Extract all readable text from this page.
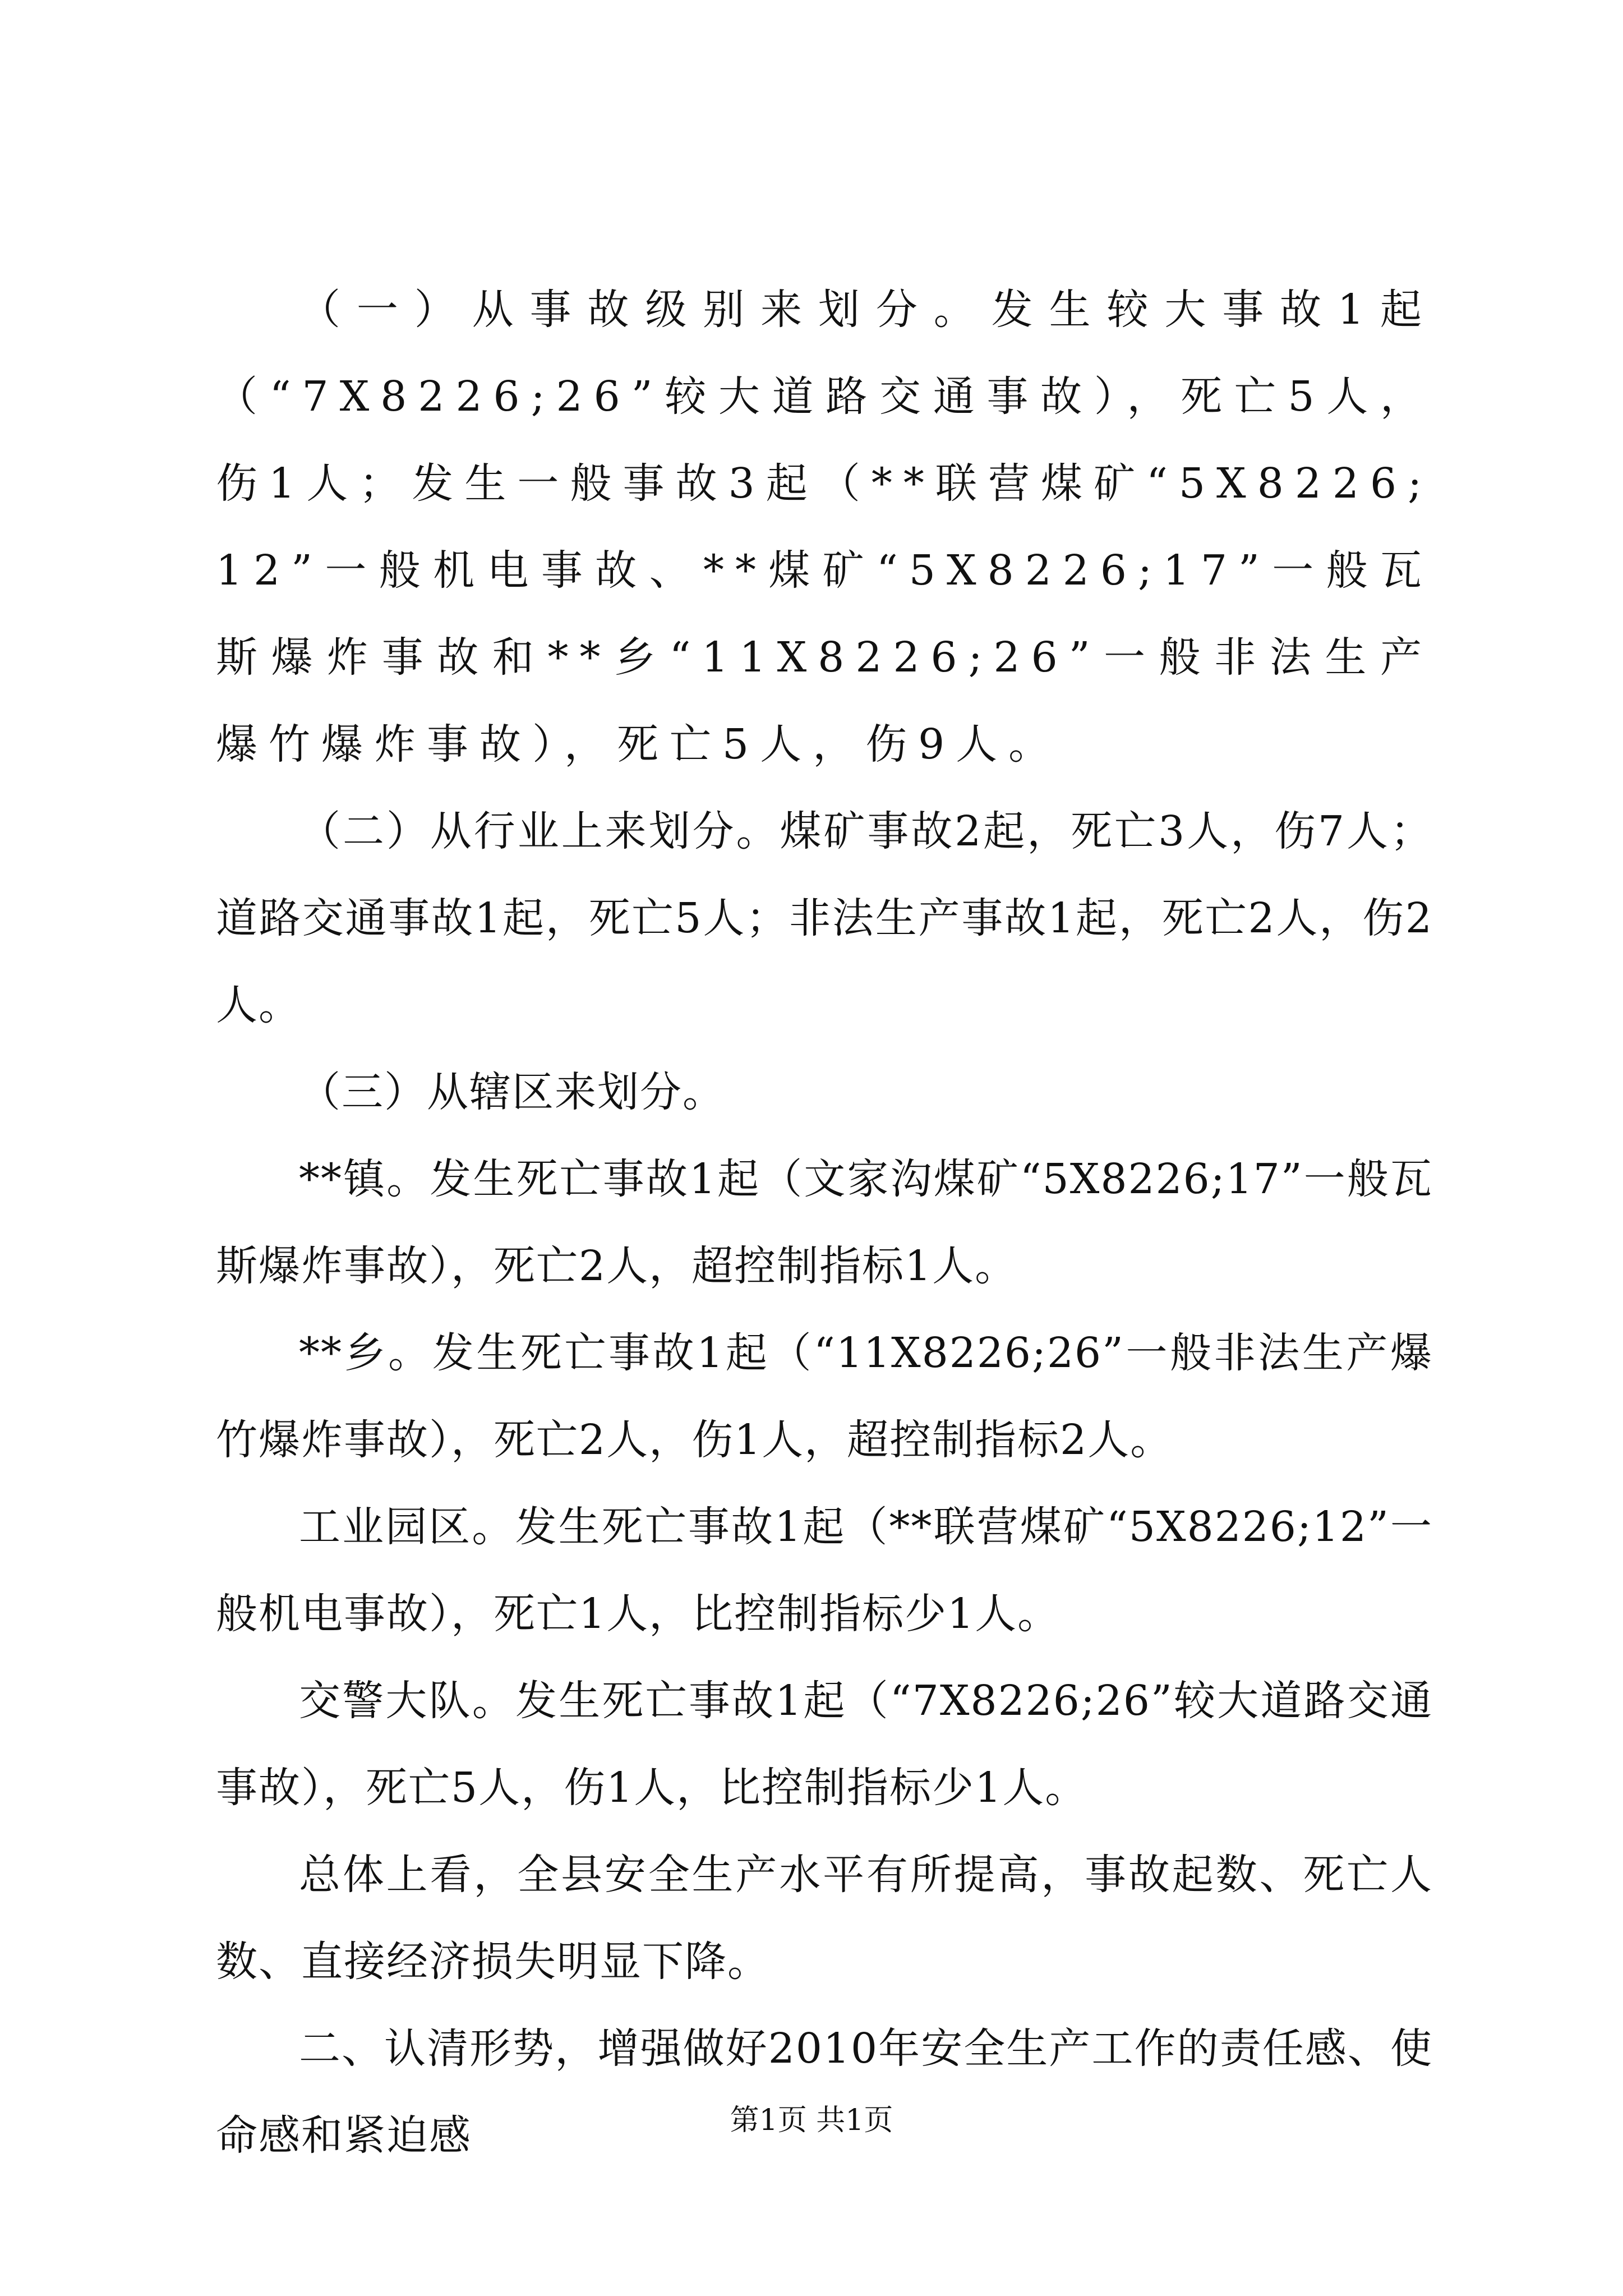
（一）从事故级别来划分。发生较大事故1起（“7X8226;26”较大道路交通事故），死亡5人，伤1人；发生一般事故3起（**联营煤矿“5X8226;12”一般机电事故、**煤矿“5X8226;17”一般瓦斯爆炸事故和**乡“11X8226;26”一般非法生产爆竹爆炸事故），死亡5人，伤9人。

（二）从行业上来划分。煤矿事故2起，死亡3人，伤7人；道路交通事故1起，死亡5人；非法生产事故1起，死亡2人，伤2人。

（三）从辖区来划分。

**镇。发生死亡事故1起（文家沟煤矿“5X8226;17”一般瓦斯爆炸事故），死亡2人，超控制指标1人。

**乡。发生死亡事故1起（“11X8226;26”一般非法生产爆竹爆炸事故），死亡2人，伤1人，超控制指标2人。

工业园区。发生死亡事故1起（**联营煤矿“5X8226;12”一般机电事故），死亡1人，比控制指标少1人。

交警大队。发生死亡事故1起（“7X8226;26”较大道路交通事故），死亡5人，伤1人，比控制指标少1人。

总体上看，全县安全生产水平有所提高，事故起数、死亡人数、直接经济损失明显下降。

二、认清形势，增强做好2010年安全生产工作的责任感、使命感和紧迫感	第1页 共1页
